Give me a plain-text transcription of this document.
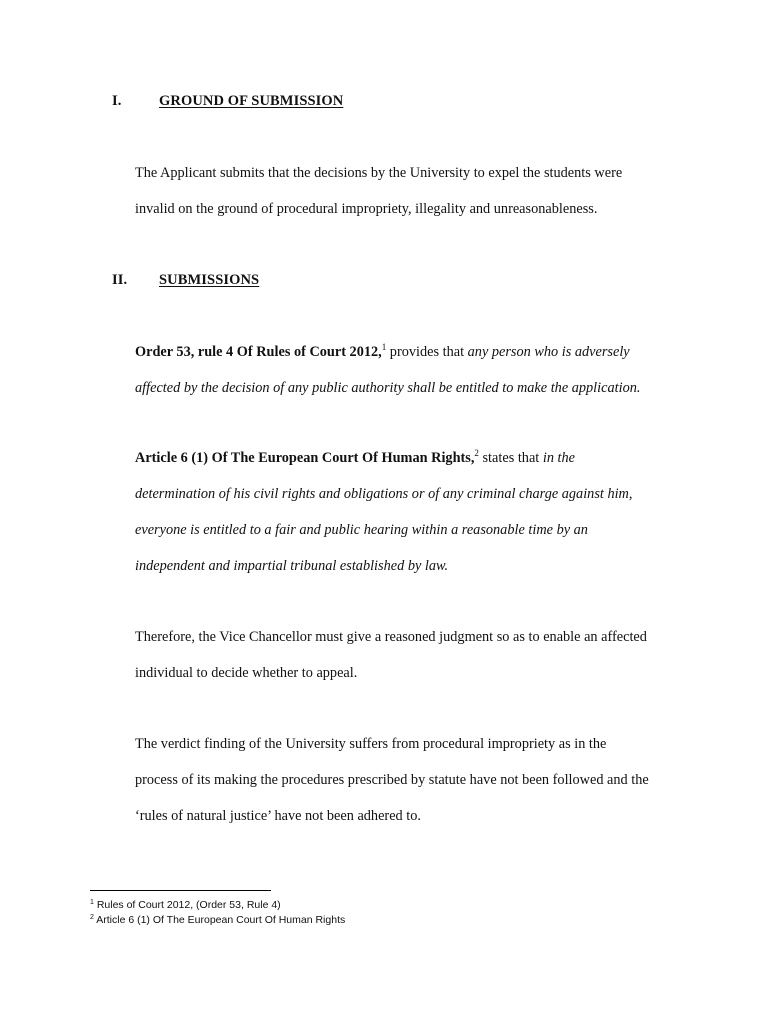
I.	GROUND OF SUBMISSION
The Applicant submits that the decisions by the University to expel the students were
invalid on the ground of procedural impropriety, illegality and unreasonableness.
II. SUBMISSIONS
Order 53, rule 4 Of Rules of Court 2012,$^1$ provides that any person who is adversely
affected by the decision of any public authority shall be entitled to make the application.
Article 6 (1) Of The European Court Of Human Rights,$^2$ states that in the
determination of his civil rights and obligations or of any criminal charge against him,
everyone is entitled to a fair and public hearing within a reasonable time by an
independent and impartial tribunal established by law.
Therefore, the Vice Chancellor must give a reasoned judgment so as to enable an affected
individual to decide whether to appeal.
The verdict finding of the University suffers from procedural impropriety as in the
process of its making the procedures prescribed by statute have not been followed and the
‘rules of natural justice’ have not been adhered to.
$^1$ Rules of Court 2012, (Order 53, Rule 4)
$^2$ Article 6 (1) Of The European Court Of Human Rights
